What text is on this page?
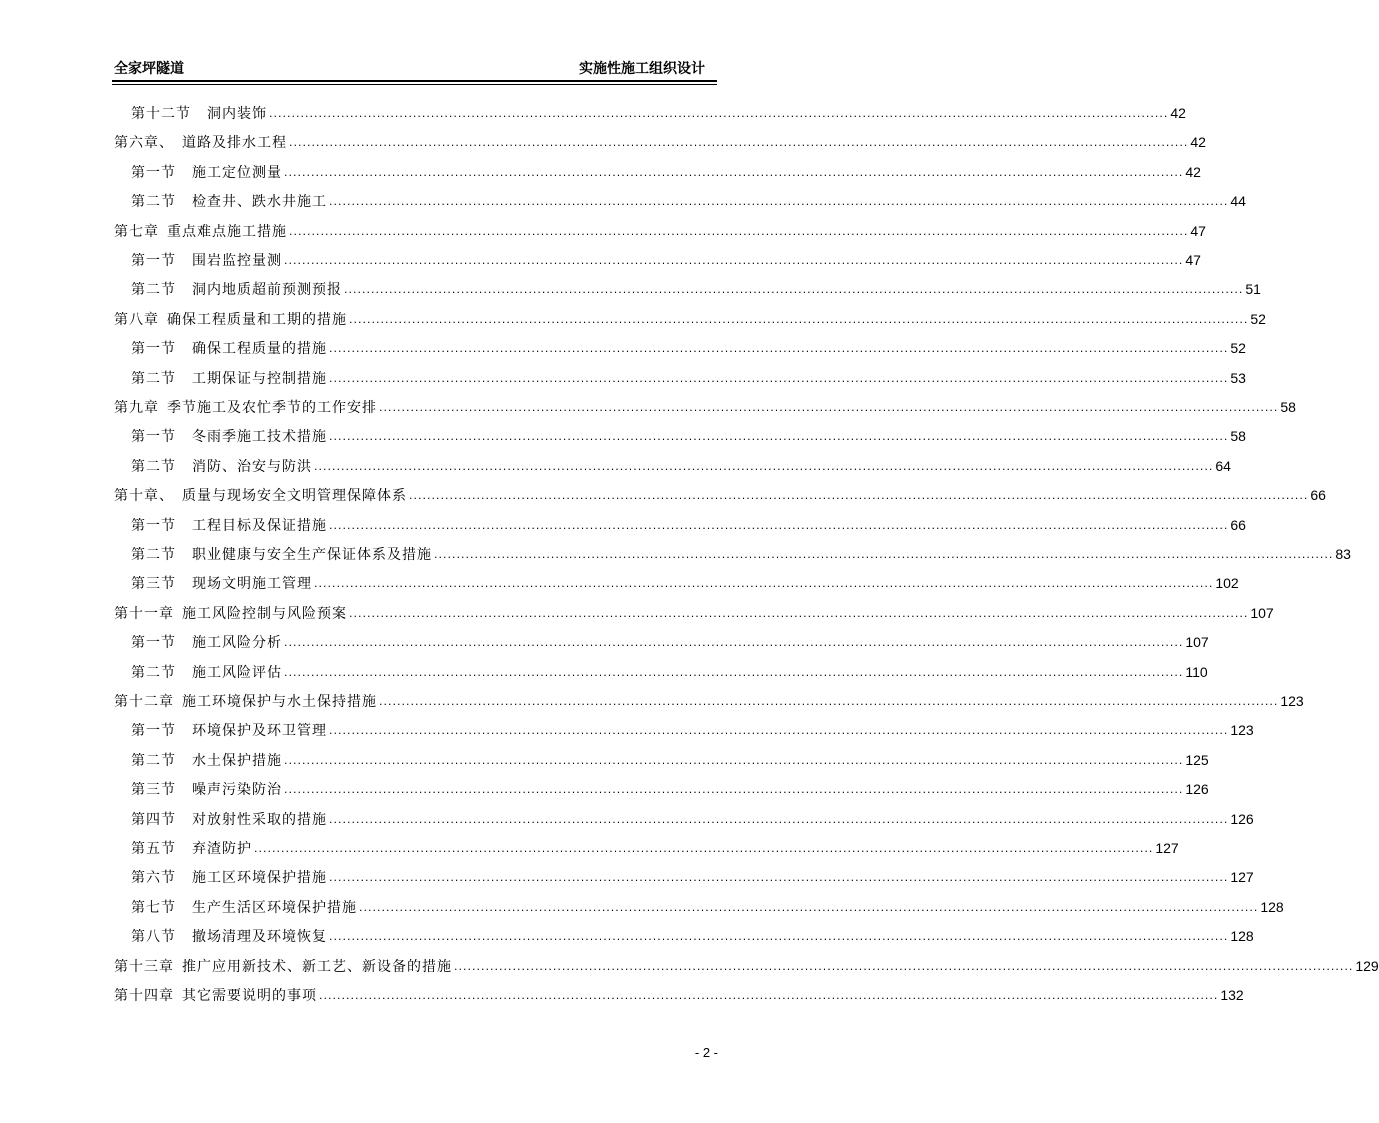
全家坪隧道	实施性施工组织设计
第十二节 洞内装饰 ........................................................................................................................................................................................................ 42
第六章、 道路及排水工程 ........................................................................................................................................................................................................ 42
第一节 施工定位测量 ........................................................................................................................................................................................................ 42
第二节 检查井、跌水井施工 ........................................................................................................................................................................................................ 44
第七章 重点难点施工措施 ........................................................................................................................................................................................................ 47
第一节 围岩监控量测 ........................................................................................................................................................................................................ 47
第二节 洞内地质超前预测预报 ........................................................................................................................................................................................................ 51
第八章 确保工程质量和工期的措施 ........................................................................................................................................................................................................ 52
第一节 确保工程质量的措施 ........................................................................................................................................................................................................ 52
第二节 工期保证与控制措施 ........................................................................................................................................................................................................ 53
第九章 季节施工及农忙季节的工作安排 ........................................................................................................................................................................................................ 58
第一节 冬雨季施工技术措施 ........................................................................................................................................................................................................ 58
第二节 消防、治安与防洪 ........................................................................................................................................................................................................ 64
第十章、 质量与现场安全文明管理保障体系 ........................................................................................................................................................................................................ 66
第一节 工程目标及保证措施 ........................................................................................................................................................................................................ 66
第二节 职业健康与安全生产保证体系及措施 ........................................................................................................................................................................................................ 83
第三节 现场文明施工管理 ........................................................................................................................................................................................................ 102
第十一章 施工风险控制与风险预案 ........................................................................................................................................................................................................ 107
第一节 施工风险分析 ........................................................................................................................................................................................................ 107
第二节 施工风险评估 ........................................................................................................................................................................................................ 110
第十二章 施工环境保护与水土保持措施 ........................................................................................................................................................................................................ 123
第一节 环境保护及环卫管理 ........................................................................................................................................................................................................ 123
第二节 水土保护措施 ........................................................................................................................................................................................................ 125
第三节 噪声污染防治 ........................................................................................................................................................................................................ 126
第四节 对放射性采取的措施 ........................................................................................................................................................................................................ 126
第五节 弃渣防护 ........................................................................................................................................................................................................ 127
第六节 施工区环境保护措施 ........................................................................................................................................................................................................ 127
第七节 生产生活区环境保护措施 ........................................................................................................................................................................................................ 128
第八节 撤场清理及环境恢复 ........................................................................................................................................................................................................ 128
第十三章 推广应用新技术、新工艺、新设备的措施 ........................................................................................................................................................................................................ 129
第十四章 其它需要说明的事项 ........................................................................................................................................................................................................ 132
- 2 -
